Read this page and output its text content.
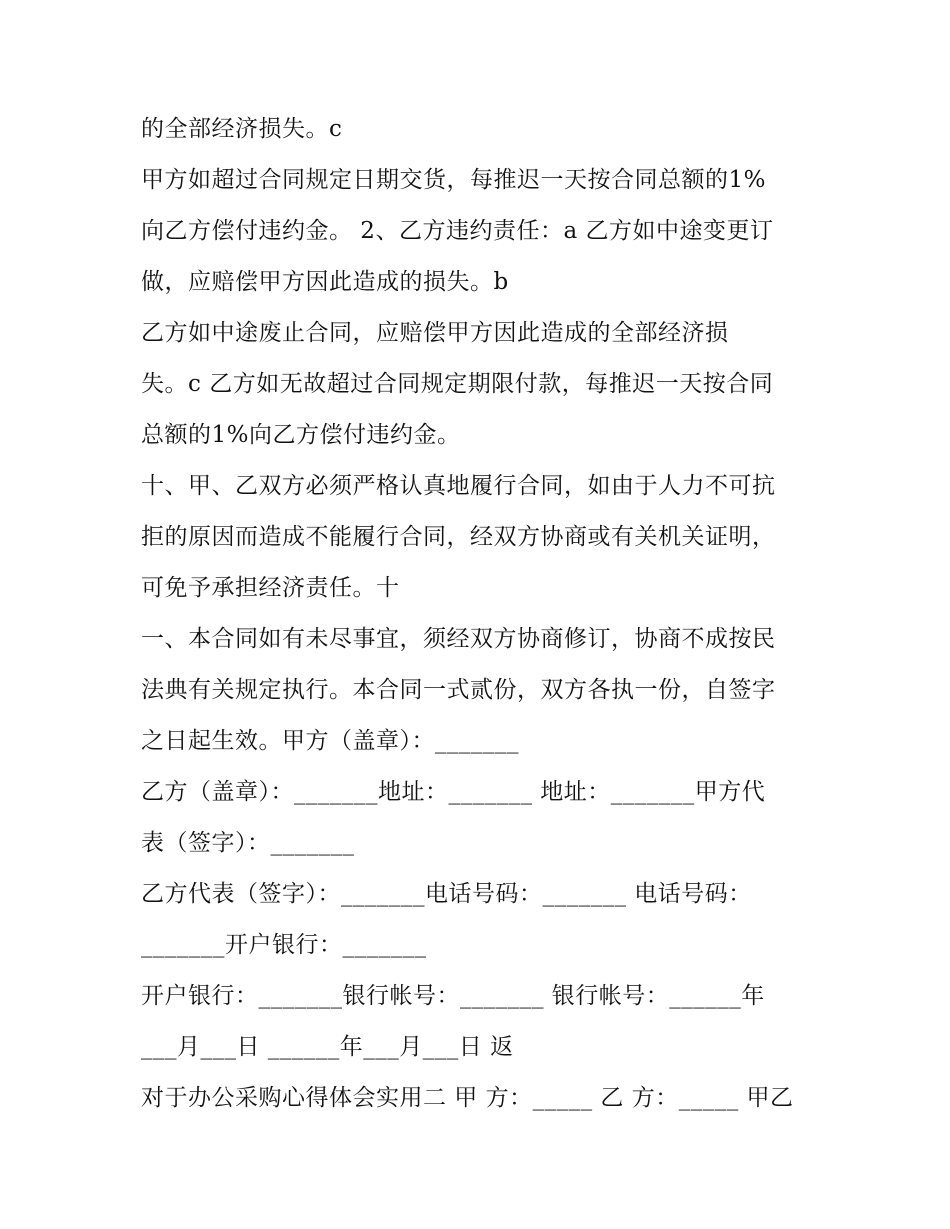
的全部经济损失。c
甲方如超过合同规定日期交货，每推迟一天按合同总额的1%
向乙方偿付违约金。 2、乙方违约责任：a 乙方如中途变更订
做，应赔偿甲方因此造成的损失。b
乙方如中途废止合同，应赔偿甲方因此造成的全部经济损
失。c 乙方如无故超过合同规定期限付款，每推迟一天按合同
总额的1%向乙方偿付违约金。
十、甲、乙双方必须严格认真地履行合同，如由于人力不可抗
拒的原因而造成不能履行合同，经双方协商或有关机关证明，
可免予承担经济责任。十
一、本合同如有未尽事宜，须经双方协商修订，协商不成按民
法典有关规定执行。本合同一式贰份，双方各执一份，自签字
之日起生效。甲方（盖章）：_______
乙方（盖章）：_______地址：_______ 地址：_______甲方代
表（签字）：_______
乙方代表（签字）：_______电话号码：_______ 电话号码：
_______开户银行：_______
开户银行：_______银行帐号：_______ 银行帐号：______年
___月___日 ______年___月___日 返
对于办公采购心得体会实用二 甲 方：_____ 乙 方：_____ 甲乙
